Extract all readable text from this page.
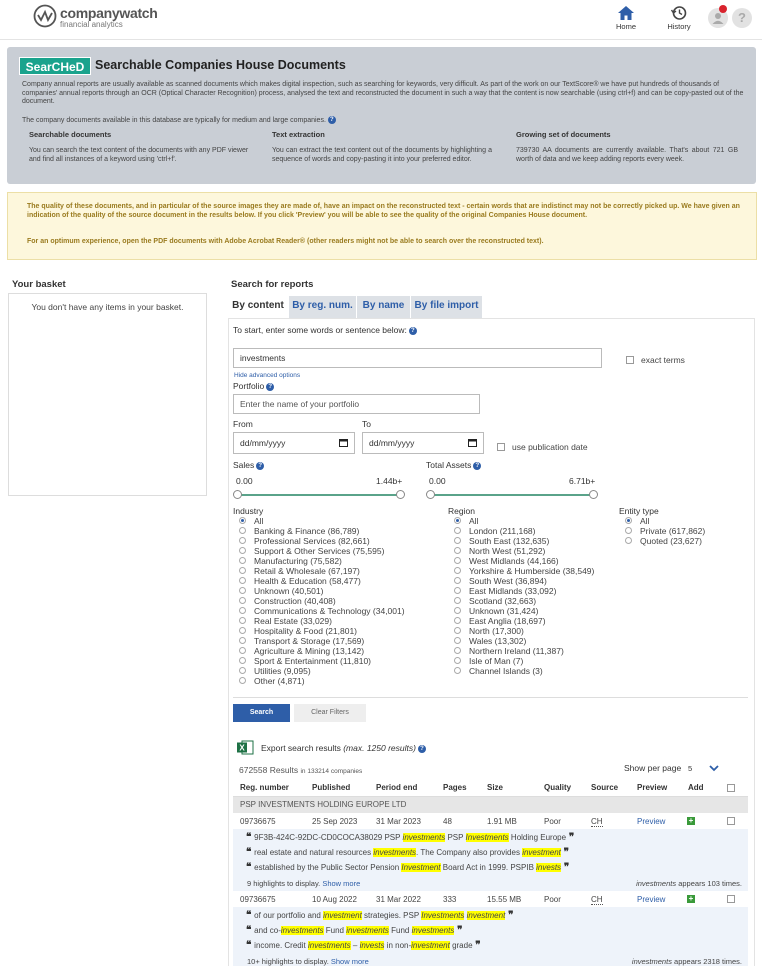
companywatch
financial analytics	Home	History
?
SearCHeD Searchable Companies House Documents
Company annual reports are usually available as scanned documents which makes digital inspection, such as searching for keywords, very difficult. As part of the work on our TextScore® we have put hundreds of thousands of companies' annual reports through an OCR (Optical Character Recognition) process, analysed the text and reconstructed the document in such a way that the content is now searchable (using ctrl+f) and can be copy-pasted out of the document.
The company documents available in this database are typically for medium and large companies. ?
Searchable documents
You can search the text content of the documents with any PDF viewer and find all instances of a keyword using 'ctrl+f'.
Text extraction
You can extract the text content out of the documents by highlighting a sequence of words and copy-pasting it into your preferred editor.
Growing set of documents
739730 AA documents are currently available. That's about 721 GB worth of data and we keep adding reports every week.
The quality of these documents, and in particular of the source images they are made of, have an impact on the reconstructed text - certain words that are indistinct may not be correctly picked up. We have given an indication of the quality of the source document in the results below. If you click 'Preview' you will be able to see the quality of the original Companies House document.
For an optimum experience, open the PDF documents with Adobe Acrobat Reader® (other readers might not be able to search over the reconstructed text).
Your basket
You don't have any items in your basket.
Search for reports
By content By reg. num. By name	By file import
To start, enter some words or sentence below: ?
investments	exact terms
Hide advanced options
Portfolio ?
Enter the name of your portfolio
From	To
dd/mm/yyyy	dd/mm/yyyy	use publication date
Sales ?
0.00	1.44b+
Total Assets ?
0.00	6.71b+
Industry
All
Banking & Finance (86,789)
Professional Services (82,661)
Support & Other Services (75,595)
Manufacturing (75,582)
Retail & Wholesale (67,197)
Health & Education (58,477)
Unknown (40,501)
Construction (40,408)
Communications & Technology (34,001)
Real Estate (33,029)
Hospitality & Food (21,801)
Transport & Storage (17,569)
Agriculture & Mining (13,142)
Sport & Entertainment (11,810)
Utilities (9,095)
Other (4,871)
Region
All
London (211,168)
South East (132,635)
North West (51,292)
West Midlands (44,166)
Yorkshire & Humberside (38,549)
South West (36,894)
East Midlands (33,092)
Scotland (32,663)
Unknown (31,424)
East Anglia (18,697)
North (17,300)
Wales (13,302)
Northern Ireland (11,387)
Isle of Man (7)
Channel Islands (3)
Entity type
All
Private (617,862)
Quoted (23,627)
Search	Clear Filters
X Export search results (max. 1250 results) ?
672558 Results in 133214 companies	Show per page 5
Reg. number	Published	Period end	Pages	Size	Quality Source Preview	Add
PSP INVESTMENTS HOLDING EUROPE LTD
09736675	25 Sep 2023 31 Mar 2023	48	1.91 MB	Poor	CH	Preview	+
❝ 9F3B-424C-92DC-CD0COCA38029 PSP investments PSP Investments Holding Europe ❞
❝ real estate and natural resources investments. The Company also provides investment ❞
❝ established by the Public Sector Pension Investment Board Act in 1999. PSPIB invests ❞
9 highlights to display. Show more	investments appears 103 times.
09736675	10 Aug 2022 31 Mar 2022	333	15.55 MB	Poor	CH	Preview	+
❝ of our portfolio and investment strategies. PSP Investments investment ❞
❝ and co-investments Fund investments Fund investments ❞
❝ income. Credit investments – invests in non-investment grade ❞
10+ highlights to display. Show more	investments appears 2318 times.
